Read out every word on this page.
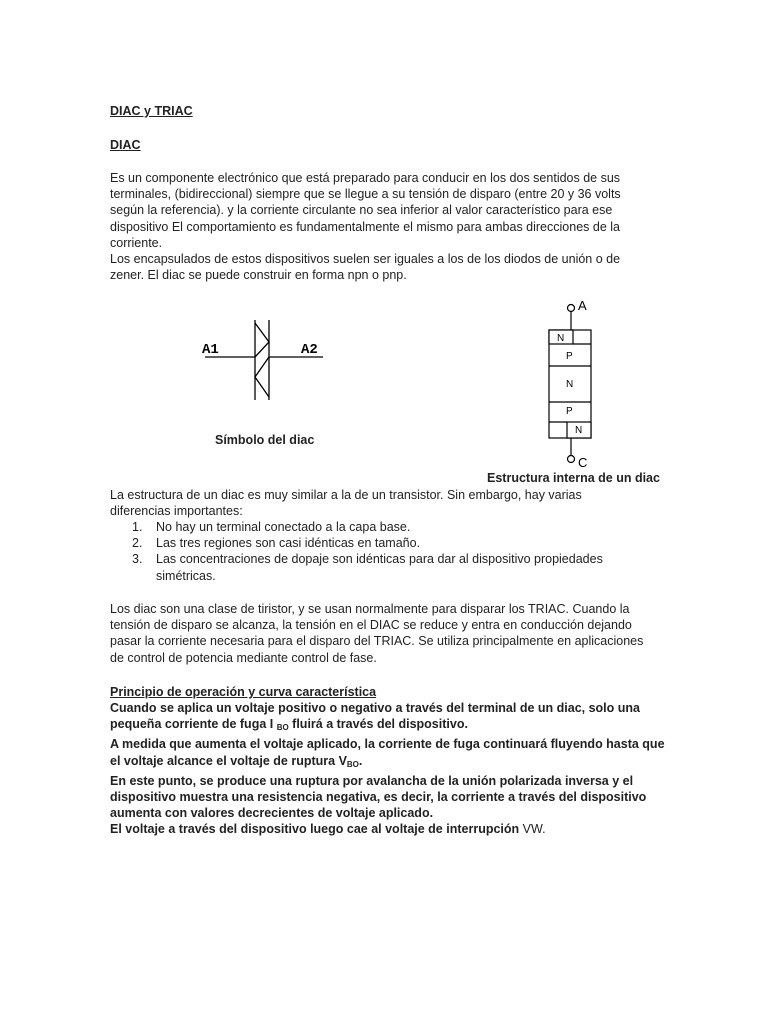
DIAC y TRIAC
DIAC
Es un componente electrónico que está preparado para conducir en los dos sentidos de sus
terminales, (bidireccional) siempre que se llegue a su tensión de disparo (entre 20 y 36 volts
según la referencia). y la corriente circulante no sea inferior al valor característico para ese
dispositivo El comportamiento es fundamentalmente el mismo para ambas direcciones de la
corriente.
Los encapsulados de estos dispositivos suelen ser iguales a los de los diodos de unión o de
zener. El diac se puede construir en forma npn o pnp.
A1	A2
Símbolo del diac
A
N
P
N
P
N
C
Estructura interna de un diac
La estructura de un diac es muy similar a la de un transistor. Sin embargo, hay varias
diferencias importantes:
1. No hay un terminal conectado a la capa base.
2. Las tres regiones son casi idénticas en tamaño.
3. Las concentraciones de dopaje son idénticas para dar al dispositivo propiedades
simétricas.
Los diac son una clase de tiristor, y se usan normalmente para disparar los TRIAC. Cuando la
tensión de disparo se alcanza, la tensión en el DIAC se reduce y entra en conducción dejando
pasar la corriente necesaria para el disparo del TRIAC. Se utiliza principalmente en aplicaciones
de control de potencia mediante control de fase.
Principio de operación y curva característica
Cuando se aplica un voltaje positivo o negativo a través del terminal de un diac, solo una
pequeña corriente de fuga I $_{BO}$ fluirá a través del dispositivo.
A medida que aumenta el voltaje aplicado, la corriente de fuga continuará fluyendo hasta que
el voltaje alcance el voltaje de ruptura $V_{BO}$.
En este punto, se produce una ruptura por avalancha de la unión polarizada inversa y el
dispositivo muestra una resistencia negativa, es decir, la corriente a través del dispositivo
aumenta con valores decrecientes de voltaje aplicado.
El voltaje a través del dispositivo luego cae al voltaje de interrupción VW.
